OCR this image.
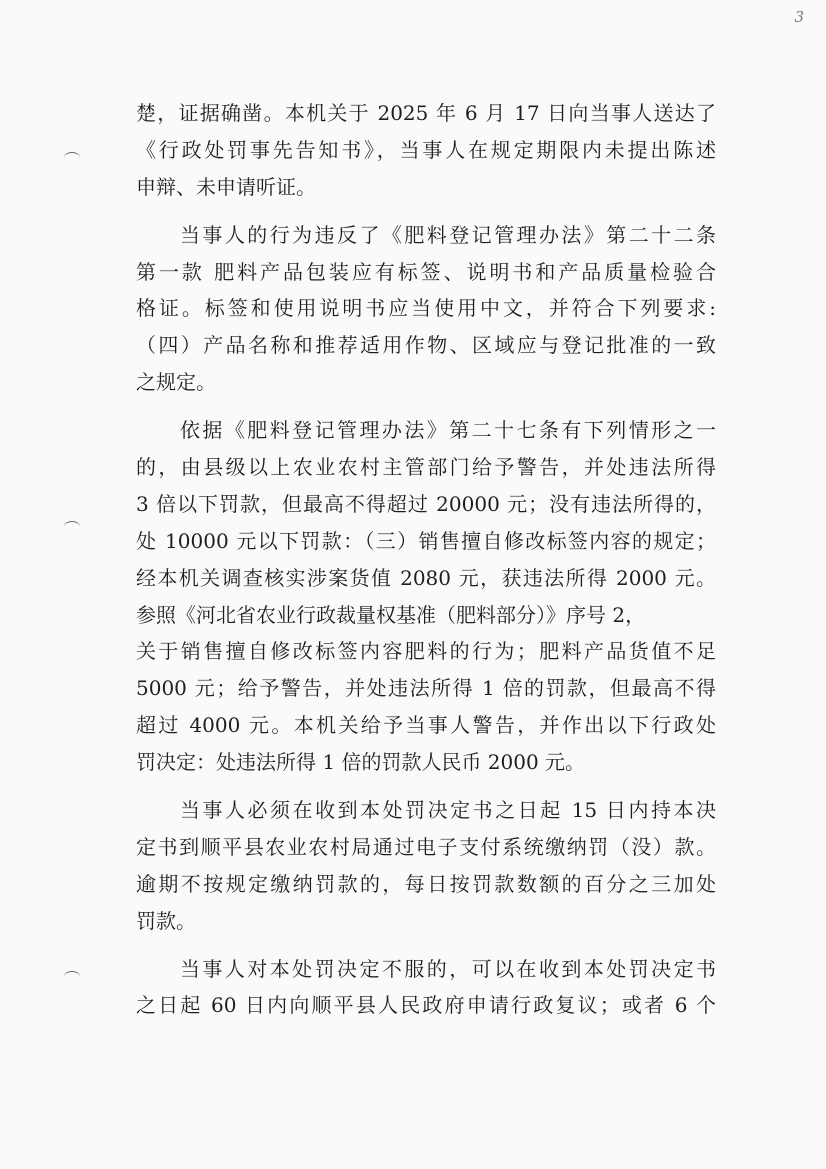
3
楚，证据确凿。本机关于 2025 年 6 月 17 日向当事人送达了
《行政处罚事先告知书》，当事人在规定期限内未提出陈述
申辩、未申请听证。
当事人的行为违反了《肥料登记管理办法》第二十二条
第一款 肥料产品包装应有标签、说明书和产品质量检验合
格证。标签和使用说明书应当使用中文，并符合下列要求:
（四）产品名称和推荐适用作物、区域应与登记批准的一致
之规定。
依据《肥料登记管理办法》第二十七条有下列情形之一
的，由县级以上农业农村主管部门给予警告，并处违法所得
3 倍以下罚款，但最高不得超过 20000 元；没有违法所得的，
处 10000 元以下罚款：（三）销售擅自修改标签内容的规定；
经本机关调查核实涉案货值 2080 元，获违法所得 2000 元。
参照《河北省农业行政裁量权基准（肥料部分）》序号 2，
关于销售擅自修改标签内容肥料的行为；肥料产品货值不足
5000 元；给予警告，并处违法所得 1 倍的罚款，但最高不得
超过 4000 元。本机关给予当事人警告，并作出以下行政处
罚决定：处违法所得 1 倍的罚款人民币 2000 元。
当事人必须在收到本处罚决定书之日起 15 日内持本决
定书到顺平县农业农村局通过电子支付系统缴纳罚（没）款。
逾期不按规定缴纳罚款的，每日按罚款数额的百分之三加处
罚款。
当事人对本处罚决定不服的，可以在收到本处罚决定书
之日起 60 日内向顺平县人民政府申请行政复议；或者 6 个
